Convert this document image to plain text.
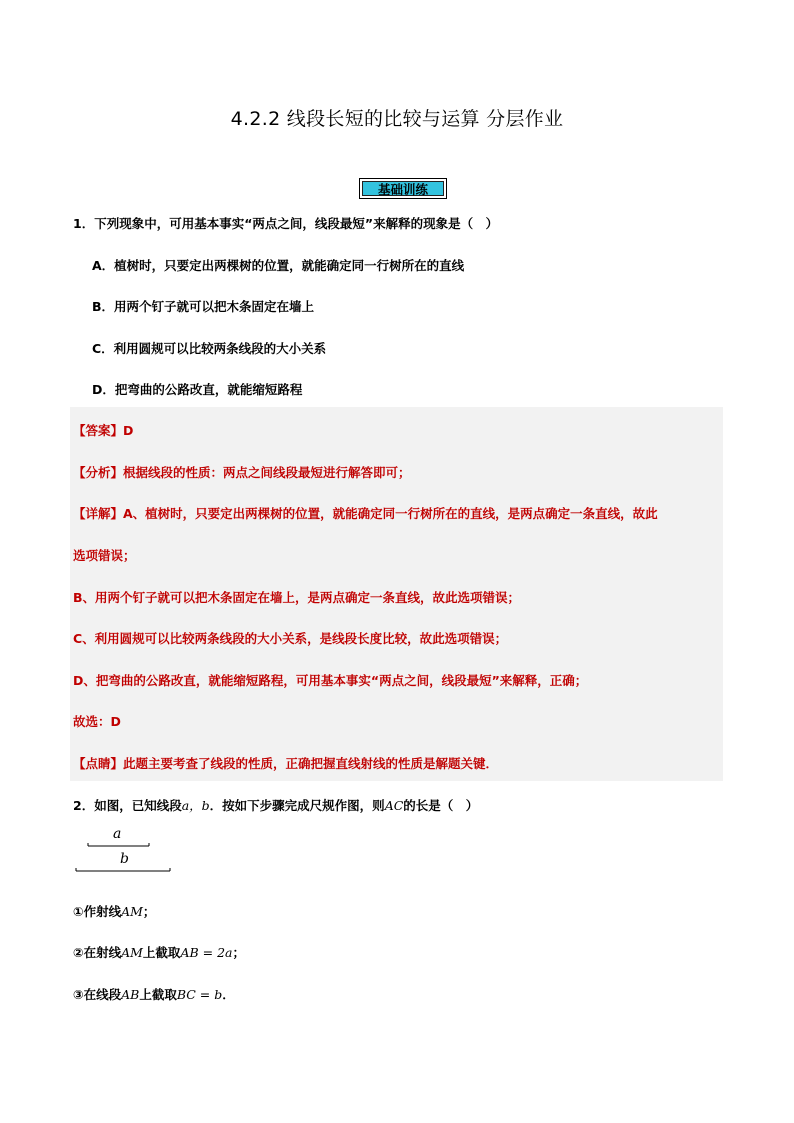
4.2.2 线段长短的比较与运算 分层作业
基础训练
1．下列现象中，可用基本事实“两点之间，线段最短”来解释的现象是（　）
A．植树时，只要定出两棵树的位置，就能确定同一行树所在的直线
B．用两个钉子就可以把木条固定在墙上
C．利用圆规可以比较两条线段的大小关系
D．把弯曲的公路改直，就能缩短路程
【答案】D
【分析】根据线段的性质：两点之间线段最短进行解答即可；
【详解】A、植树时，只要定出两棵树的位置，就能确定同一行树所在的直线，是两点确定一条直线，故此
选项错误；
B、用两个钉子就可以把木条固定在墙上，是两点确定一条直线，故此选项错误；
C、利用圆规可以比较两条线段的大小关系，是线段长度比较，故此选项错误；
D、把弯曲的公路改直，就能缩短路程，可用基本事实“两点之间，线段最短”来解释，正确；
故选：D
【点睛】此题主要考查了线段的性质，正确把握直线射线的性质是解题关键．
2．如图，已知线段a，b．按如下步骤完成尺规作图，则AC的长是（　）
a
b
①作射线AM；
②在射线AM上截取AB = 2a；
③在线段AB上截取BC = b．
